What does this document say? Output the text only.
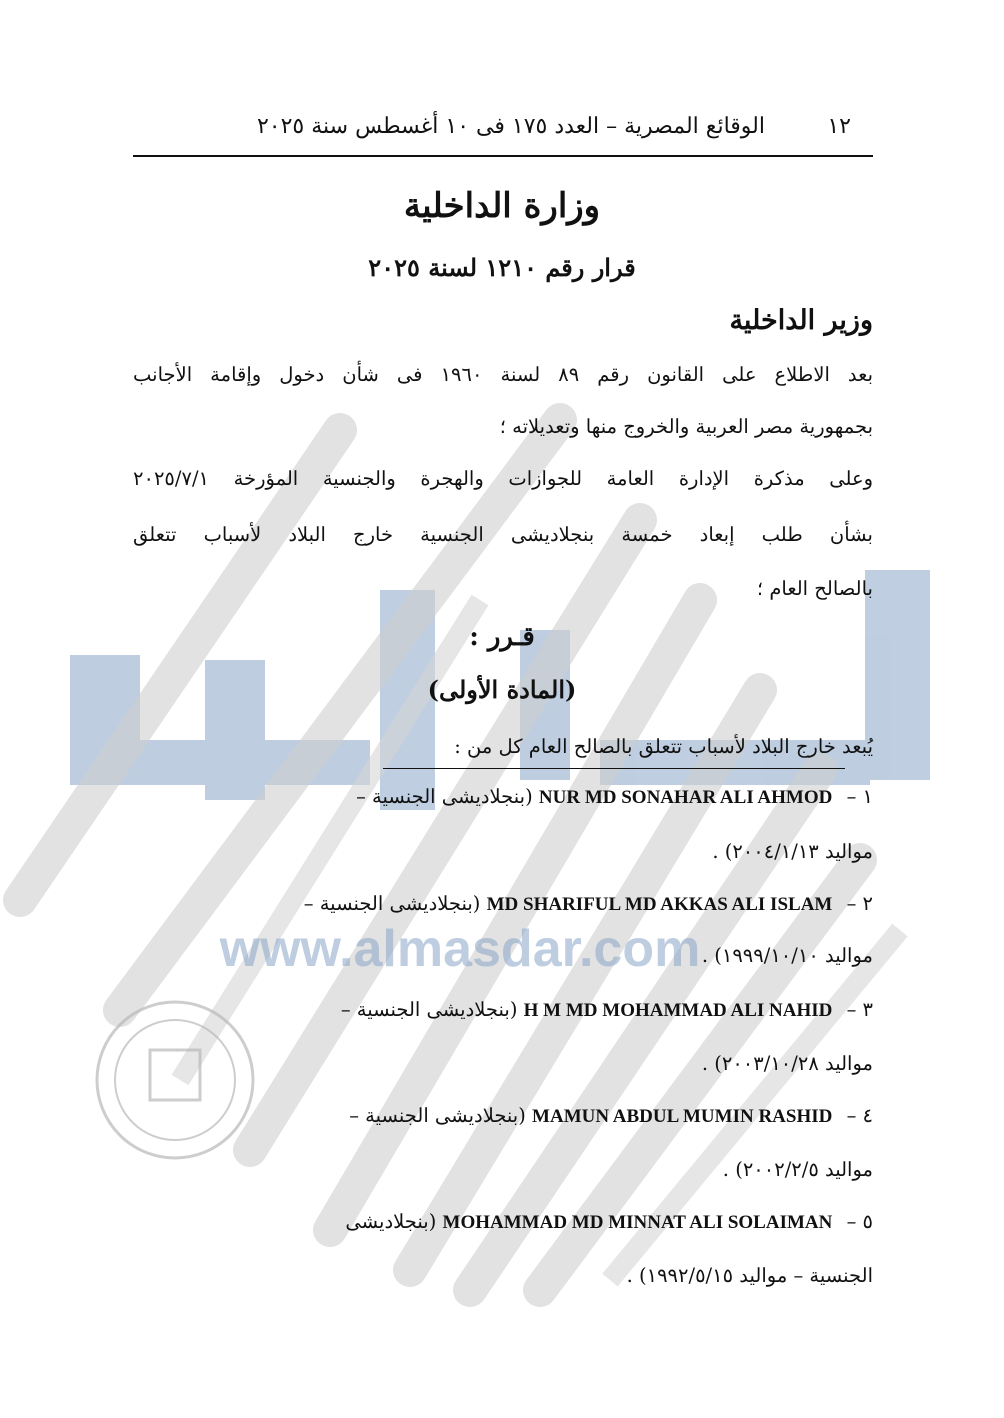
www.almasdar.com
١٢
الوقائع المصرية – العدد ١٧٥ فى ١٠ أغسطس سنة ٢٠٢٥
وزارة الداخلية
قرار رقم ١٢١٠ لسنة ٢٠٢٥
وزير الداخلية
بعد الاطلاع على القانون رقم ٨٩ لسنة ١٩٦٠ فى شأن دخول وإقامة الأجانب
بجمهورية مصر العربية والخروج منها وتعديلاته ؛
وعلى مذكرة الإدارة العامة للجوازات والهجرة والجنسية المؤرخة ٢٠٢٥/٧/١
بشأن طلب إبعاد خمسة بنجلاديشى الجنسية خارج البلاد لأسباب تتعلق
بالصالح العام ؛
قـرر :
(المادة الأولى)
يُبعد خارج البلاد لأسباب تتعلق بالصالح العام كل من :
١ – NUR MD SONAHAR ALI AHMOD (بنجلاديشى الجنسية –
مواليد ٢٠٠٤/١/١٣) .
٢ – MD SHARIFUL MD AKKAS ALI ISLAM (بنجلاديشى الجنسية –
مواليد ١٩٩٩/١٠/١٠) .
٣ – H M MD MOHAMMAD ALI NAHID (بنجلاديشى الجنسية –
مواليد ٢٠٠٣/١٠/٢٨) .
٤ – MAMUN ABDUL MUMIN RASHID (بنجلاديشى الجنسية –
مواليد ٢٠٠٢/٢/٥) .
٥ – MOHAMMAD MD MINNAT ALI SOLAIMAN (بنجلاديشى
الجنسية – مواليد ١٩٩٢/٥/١٥) .
